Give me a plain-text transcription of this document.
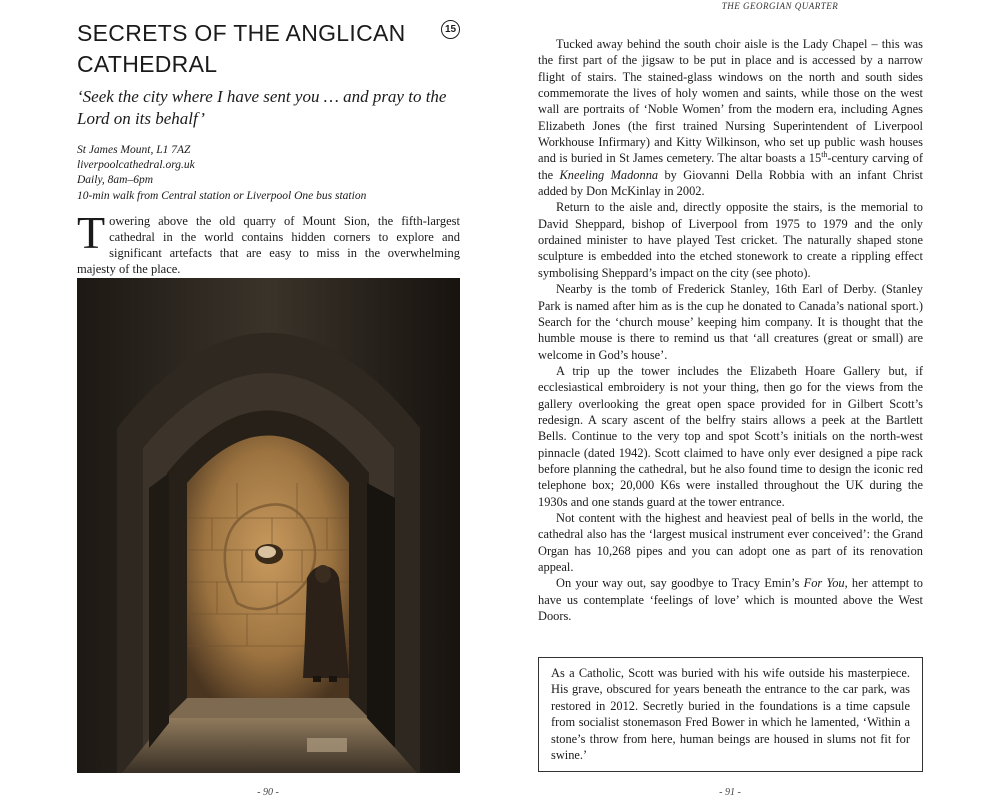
SECRETS OF THE ANGLICAN CATHEDRAL
15

‘Seek the city where I have sent you … and pray to the Lord on its behalf’

St James Mount, L1 7AZ
liverpoolcathedral.org.uk
Daily, 8am–6pm
10-min walk from Central station or Liverpool One bus station

Towering above the old quarry of Mount Sion, the fifth-largest cathedral in the world contains hidden corners to explore and significant artefacts that are easy to miss in the overwhelming majesty of the place.

- 90 -
THE GEORGIAN QUARTER

Tucked away behind the south choir aisle is the Lady Chapel – this was the first part of the jigsaw to be put in place and is accessed by a narrow flight of stairs. The stained-glass windows on the north and south sides commemorate the lives of holy women and saints, while those on the west wall are portraits of ‘Noble Women’ from the modern era, including Agnes Elizabeth Jones (the first trained Nursing Superintendent of Liverpool Workhouse Infirmary) and Kitty Wilkinson, who set up public wash houses and is buried in St James cemetery. The altar boasts a 15th-century carving of the Kneeling Madonna by Giovanni Della Robbia with an infant Christ added by Don McKinlay in 2002.

Return to the aisle and, directly opposite the stairs, is the memorial to David Sheppard, bishop of Liverpool from 1975 to 1979 and the only ordained minister to have played Test cricket. The naturally shaped stone sculpture is embedded into the etched stonework to create a rippling effect symbolising Sheppard’s impact on the city (see photo).

Nearby is the tomb of Frederick Stanley, 16th Earl of Derby. (Stanley Park is named after him as is the cup he donated to Canada’s national sport.) Search for the ‘church mouse’ keeping him company. It is thought that the humble mouse is there to remind us that ‘all creatures (great or small) are welcome in God’s house’.

A trip up the tower includes the Elizabeth Hoare Gallery but, if ecclesiastical embroidery is not your thing, then go for the views from the gallery overlooking the great open space provided for in Gilbert Scott’s redesign. A scary ascent of the belfry stairs allows a peek at the Bartlett Bells. Continue to the very top and spot Scott’s initials on the north-west pinnacle (dated 1942). Scott claimed to have only ever designed a pipe rack before planning the cathedral, but he also found time to design the iconic red telephone box; 20,000 K6s were installed throughout the UK during the 1930s and one stands guard at the tower entrance.

Not content with the highest and heaviest peal of bells in the world, the cathedral also has the ‘largest musical instrument ever conceived’: the Grand Organ has 10,268 pipes and you can adopt one as part of its renovation appeal.

On your way out, say goodbye to Tracy Emin’s For You, her attempt to have us contemplate ‘feelings of love’ which is mounted above the West Doors.

As a Catholic, Scott was buried with his wife outside his masterpiece. His grave, obscured for years beneath the entrance to the car park, was restored in 2012. Secretly buried in the foundations is a time capsule from socialist stonemason Fred Bower in which he lamented, ‘Within a stone’s throw from here, human beings are housed in slums not fit for swine.’
- 91 -
